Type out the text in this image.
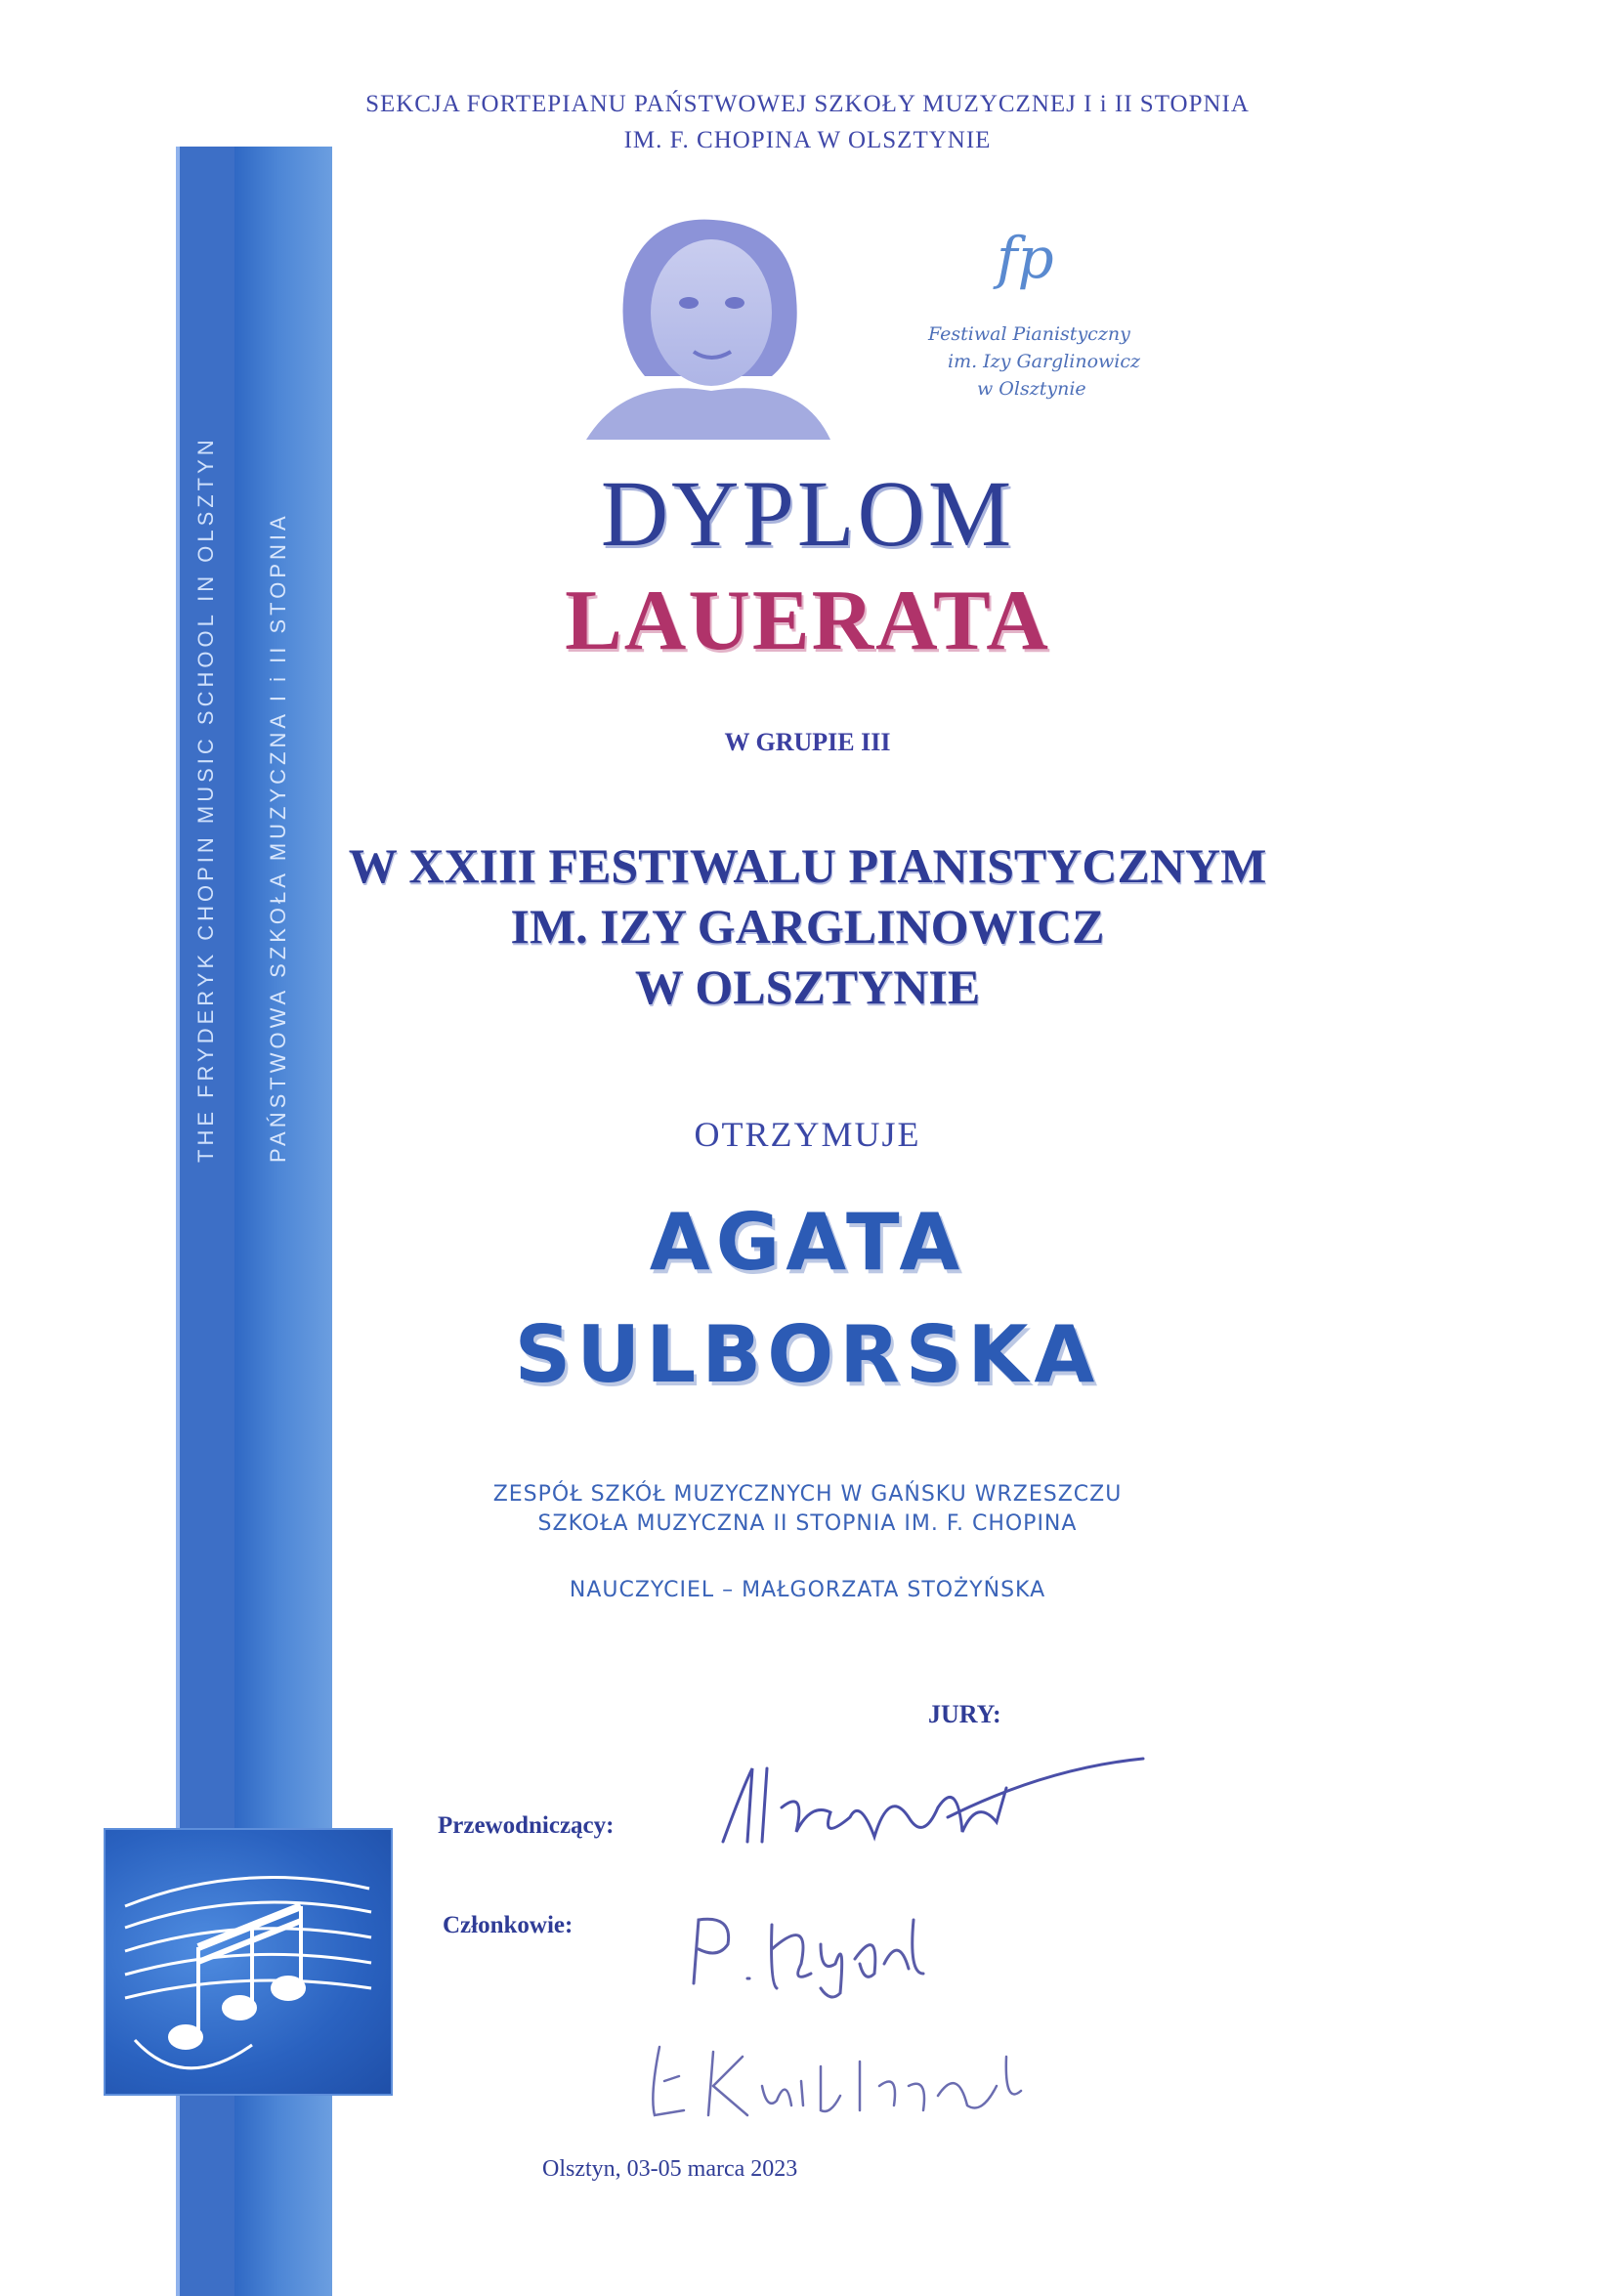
SEKCJA FORTEPIANU PAŃSTWOWEJ SZKOŁY MUZYCZNEJ I i II STOPNIA
IM. F. CHOPINA W OLSZTYNIE
THE FRYDERYK CHOPIN MUSIC SCHOOL IN OLSZTYN PAŃSTWOWA SZKOŁA MUZYCZNA I i II STOPNIA
fp
Festiwal Pianistyczny
im. Izy Garglinowicz
w Olsztynie
DYPLOM
LAUERATA
W GRUPIE III
W XXIII FESTIWALU PIANISTYCZNYM
IM. IZY GARGLINOWICZ
W OLSZTYNIE
OTRZYMUJE
AGATA
SULBORSKA
ZESPÓŁ SZKÓŁ MUZYCZNYCH W GAŃSKU WRZESZCZU
SZKOŁA MUZYCZNA II STOPNIA IM. F. CHOPINA
NAUCZYCIEL – MAŁGORZATA STOŻYŃSKA
JURY:
Przewodniczący:
Członkowie:
Olsztyn, 03-05 marca 2023
